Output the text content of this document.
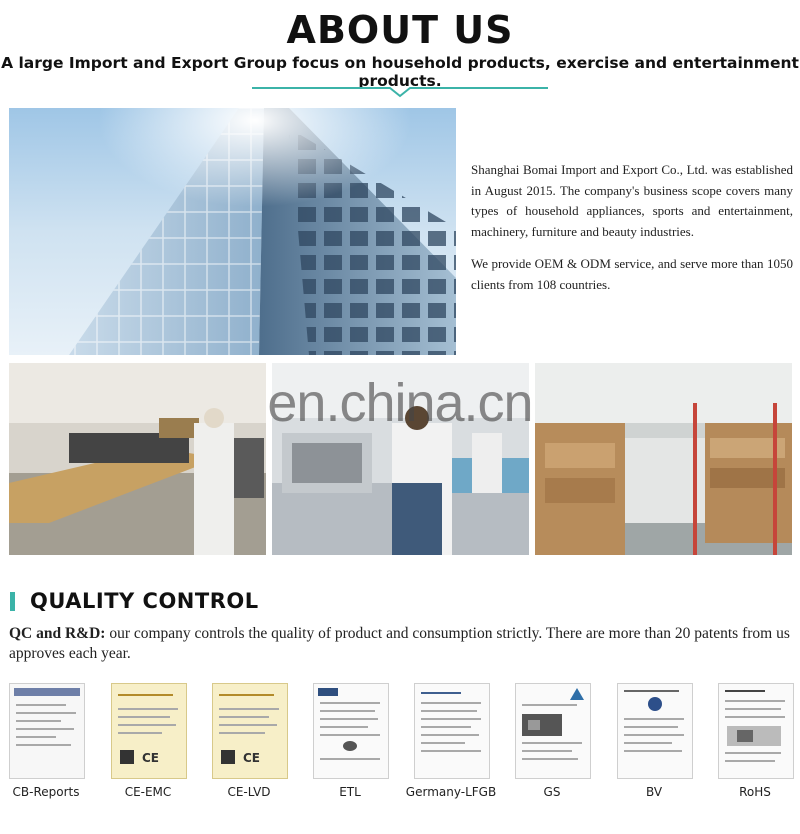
ABOUT US
A large Import and Export Group focus on household products, exercise and entertainment products.

Shanghai Bomai Import and Export Co., Ltd. was established in August 2015. The company's business scope covers many types of household appliances, sports and entertainment, machinery, furniture and beauty industries.

We provide OEM & ODM service, and serve more than 1050 clients from 108 countries.

en.china.cn
QUALITY CONTROL
QC and R&D: our company controls the quality of product and consumption strictly. There are more than 20 patents from us approves each year.
CB-Reports
CE
CE-EMC
CE
CE-LVD	ETL	Germany-LFGB	GS	BV	RoHS
